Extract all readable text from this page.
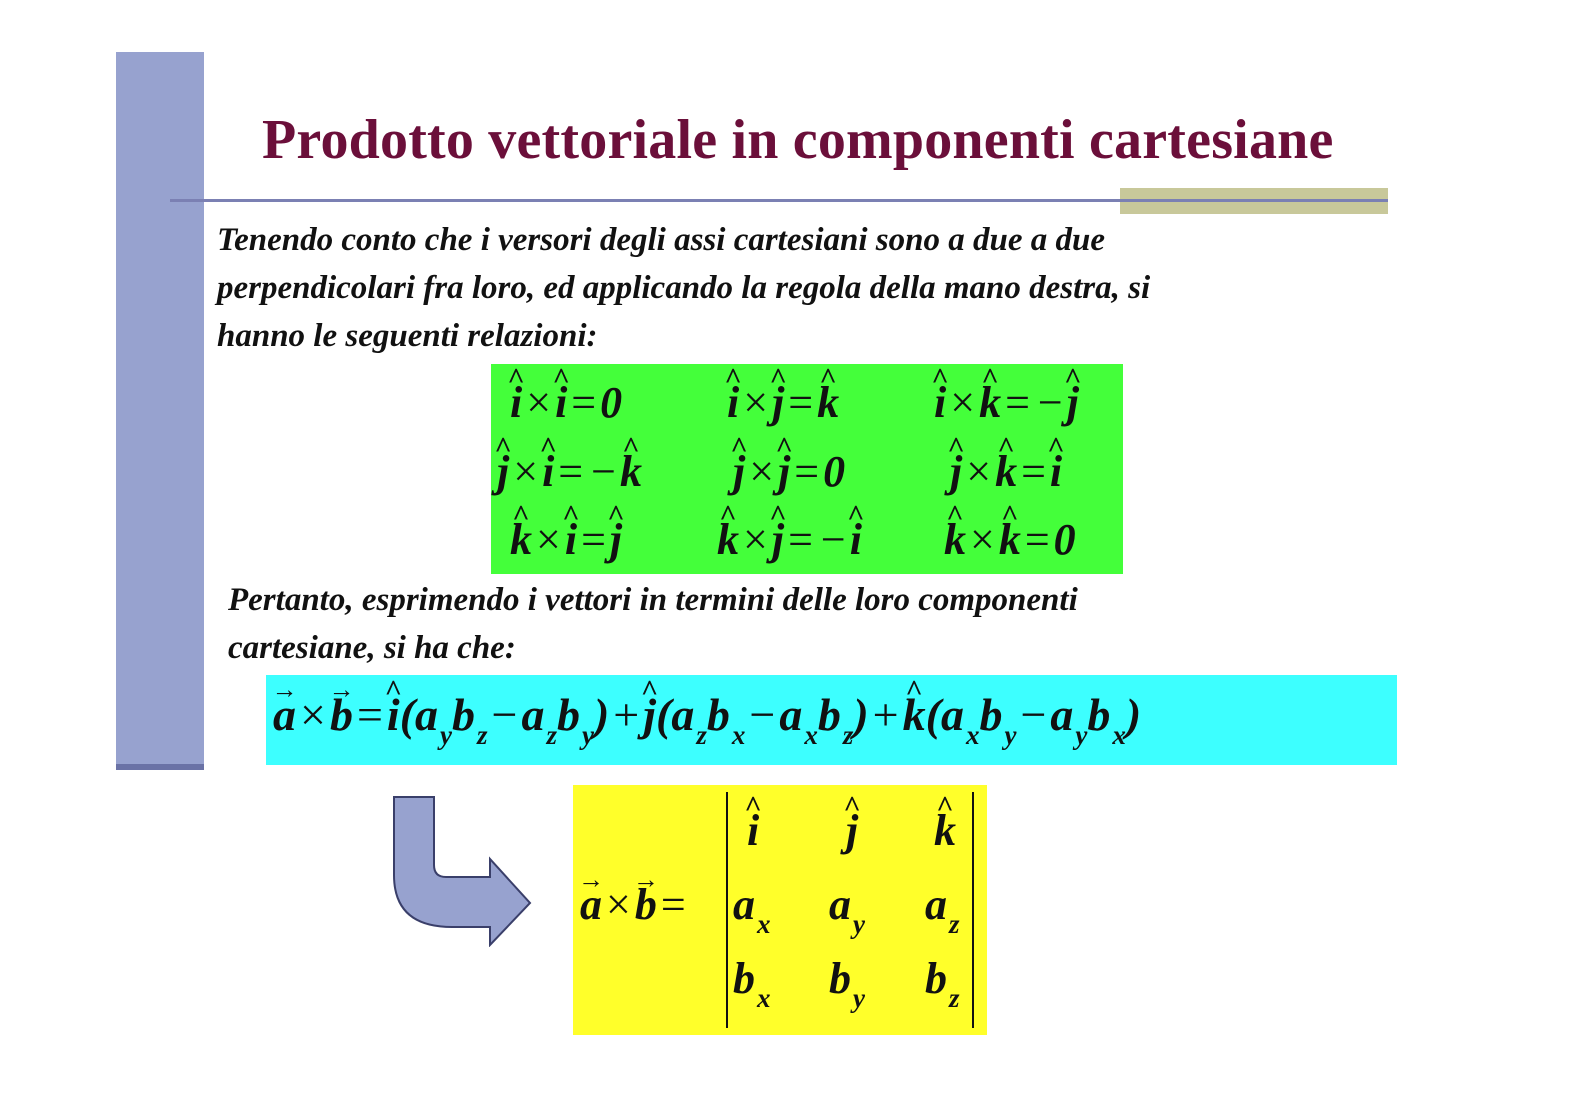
Prodotto vettoriale in componenti cartesiane
Tenendo conto che i versori degli assi cartesiani sono a due a due
perpendicolari fra loro, ed applicando la regola della mano destra, si
hanno le seguenti relazioni:
^ i×^ i=0 ^ i×^ j=^ k ^ i×^ k= −^ j
^ j×^ i= −^ k ^ j×^ j=0 ^ j×^ k=^ i
^ k×^ i=^ j ^ k×^ j= −^ i ^ k×^ k=0
Pertanto, esprimendo i vettori in termini delle loro componenti
cartesiane, si ha che:
→ a×→ b=^ $i(a_yb_z-a_zb_y)+\^{}$ $j(a_zb_x-a_xb_z)+\^{}$ $k(a_xb_y-a_yb_x)$
→ a×→ b=
^ i ^ j ^ k
$a_x$ $a_y$ $a_z$
$b_x$ $b_y$ $b_z$
